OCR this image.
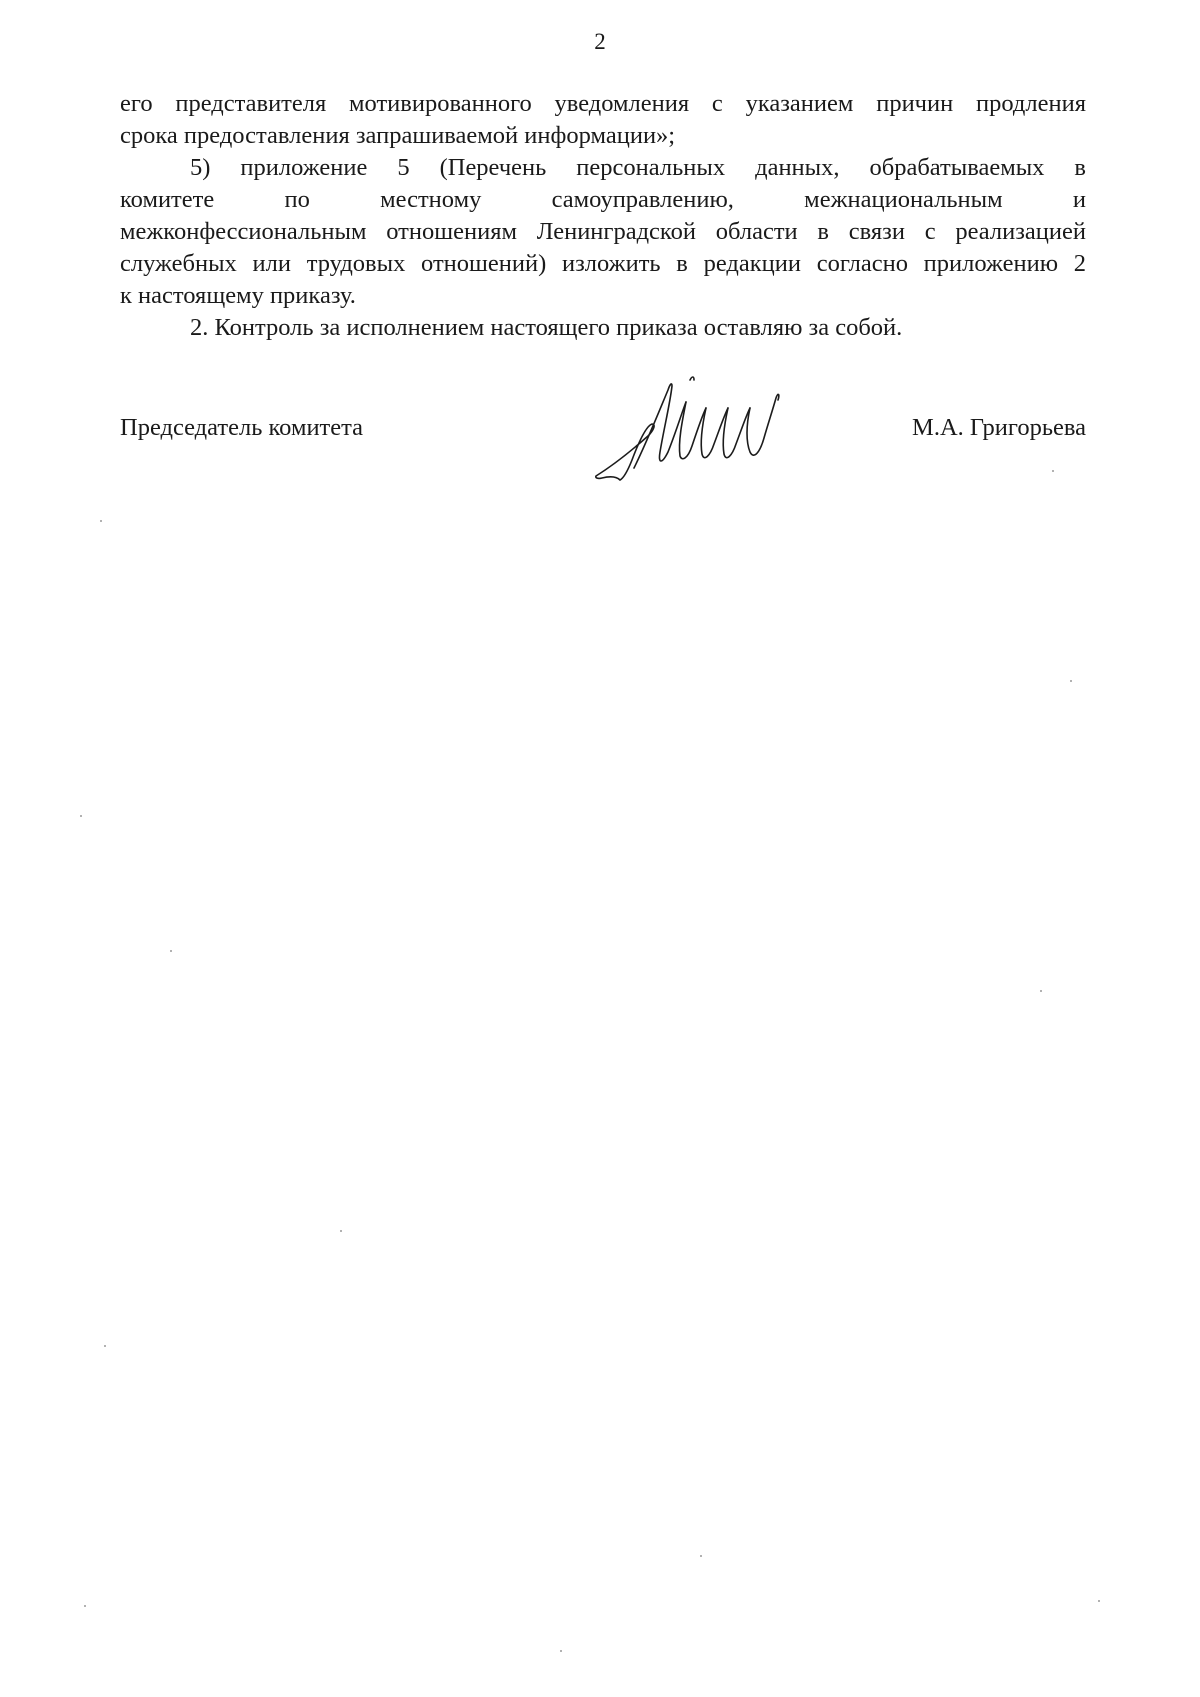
2

его представителя мотивированного уведомления с указанием причин продления
срока предоставления запрашиваемой информации»;

5) приложение 5 (Перечень персональных данных, обрабатываемых в
комитете по местному самоуправлению, межнациональным и
межконфессиональным отношениям Ленинградской области в связи с реализацией
служебных или трудовых отношений) изложить в редакции согласно приложению 2
к настоящему приказу.

2. Контроль за исполнением настоящего приказа оставляю за собой.

Председатель комитета	М.А. Григорьева
